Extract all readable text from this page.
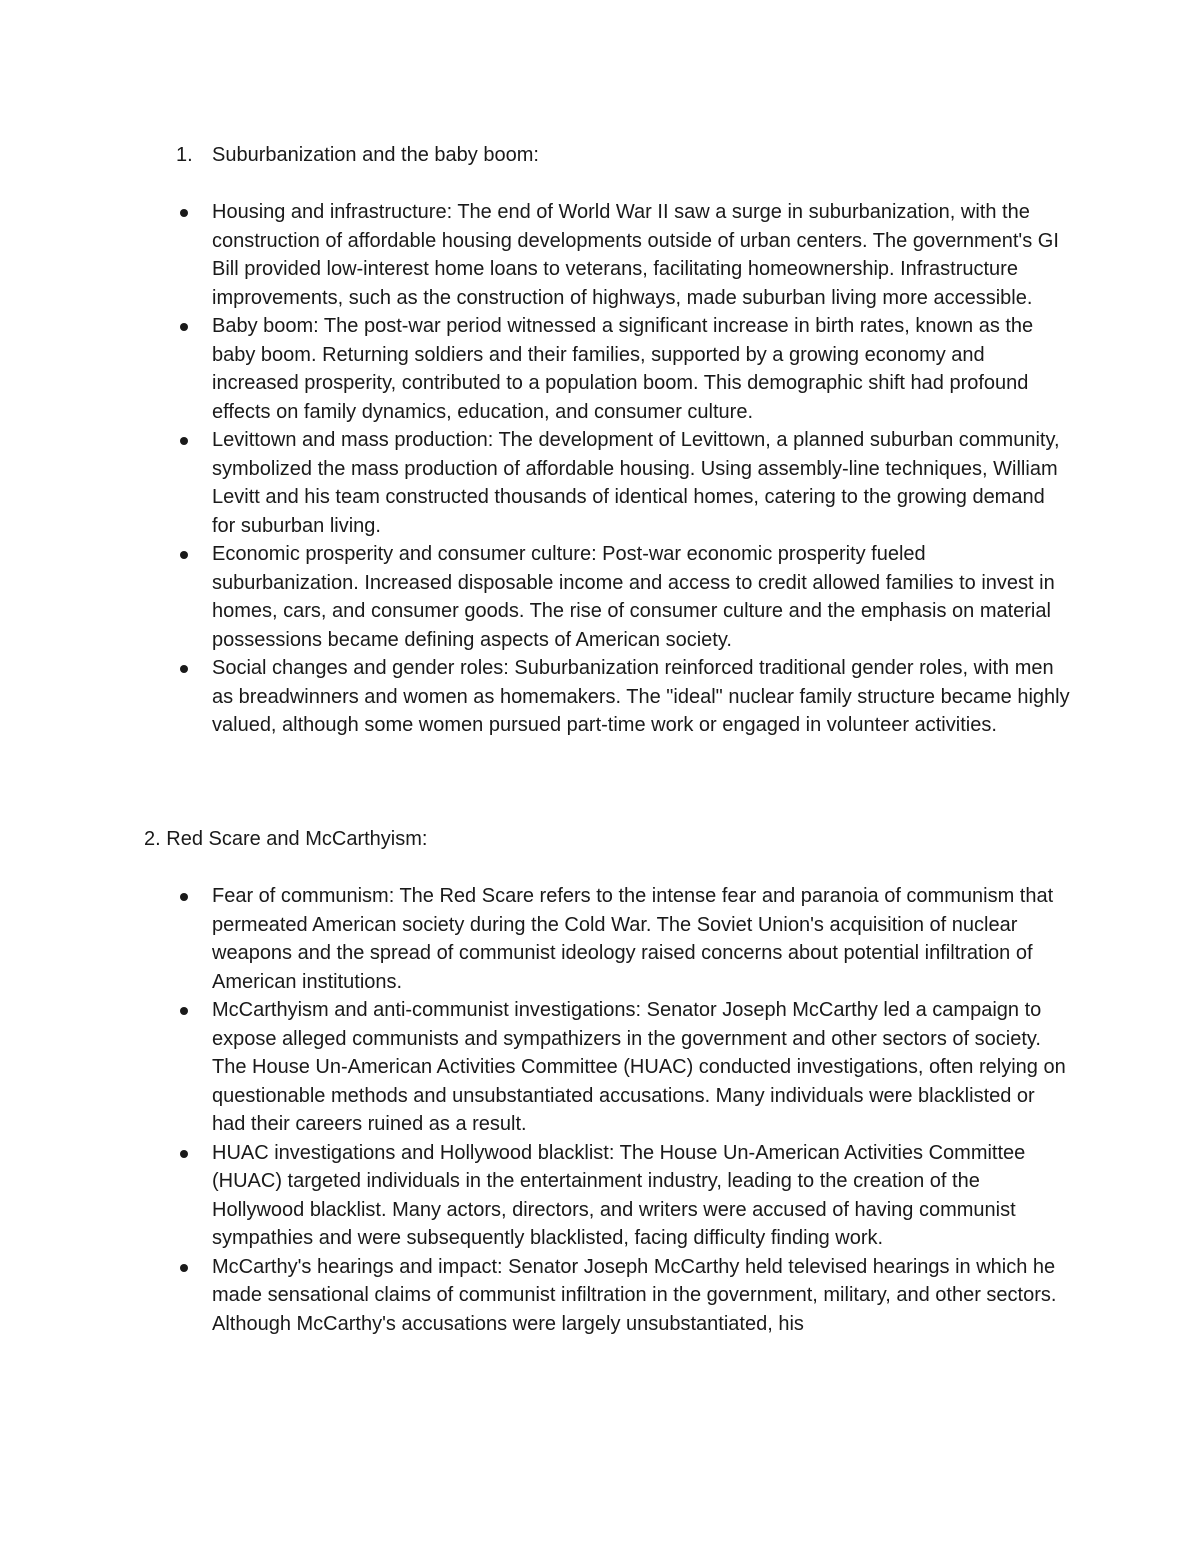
1. Suburbanization and the baby boom:
Housing and infrastructure: The end of World War II saw a surge in suburbanization, with the construction of affordable housing developments outside of urban centers. The government's GI Bill provided low-interest home loans to veterans, facilitating homeownership. Infrastructure improvements, such as the construction of highways, made suburban living more accessible.
Baby boom: The post-war period witnessed a significant increase in birth rates, known as the baby boom. Returning soldiers and their families, supported by a growing economy and increased prosperity, contributed to a population boom. This demographic shift had profound effects on family dynamics, education, and consumer culture.
Levittown and mass production: The development of Levittown, a planned suburban community, symbolized the mass production of affordable housing. Using assembly-line techniques, William Levitt and his team constructed thousands of identical homes, catering to the growing demand for suburban living.
Economic prosperity and consumer culture: Post-war economic prosperity fueled suburbanization. Increased disposable income and access to credit allowed families to invest in homes, cars, and consumer goods. The rise of consumer culture and the emphasis on material possessions became defining aspects of American society.
Social changes and gender roles: Suburbanization reinforced traditional gender roles, with men as breadwinners and women as homemakers. The "ideal" nuclear family structure became highly valued, although some women pursued part-time work or engaged in volunteer activities.
2. Red Scare and McCarthyism:
Fear of communism: The Red Scare refers to the intense fear and paranoia of communism that permeated American society during the Cold War. The Soviet Union's acquisition of nuclear weapons and the spread of communist ideology raised concerns about potential infiltration of American institutions.
McCarthyism and anti-communist investigations: Senator Joseph McCarthy led a campaign to expose alleged communists and sympathizers in the government and other sectors of society. The House Un-American Activities Committee (HUAC) conducted investigations, often relying on questionable methods and unsubstantiated accusations. Many individuals were blacklisted or had their careers ruined as a result.
HUAC investigations and Hollywood blacklist: The House Un-American Activities Committee (HUAC) targeted individuals in the entertainment industry, leading to the creation of the Hollywood blacklist. Many actors, directors, and writers were accused of having communist sympathies and were subsequently blacklisted, facing difficulty finding work.
McCarthy's hearings and impact: Senator Joseph McCarthy held televised hearings in which he made sensational claims of communist infiltration in the government, military, and other sectors. Although McCarthy's accusations were largely unsubstantiated, his
